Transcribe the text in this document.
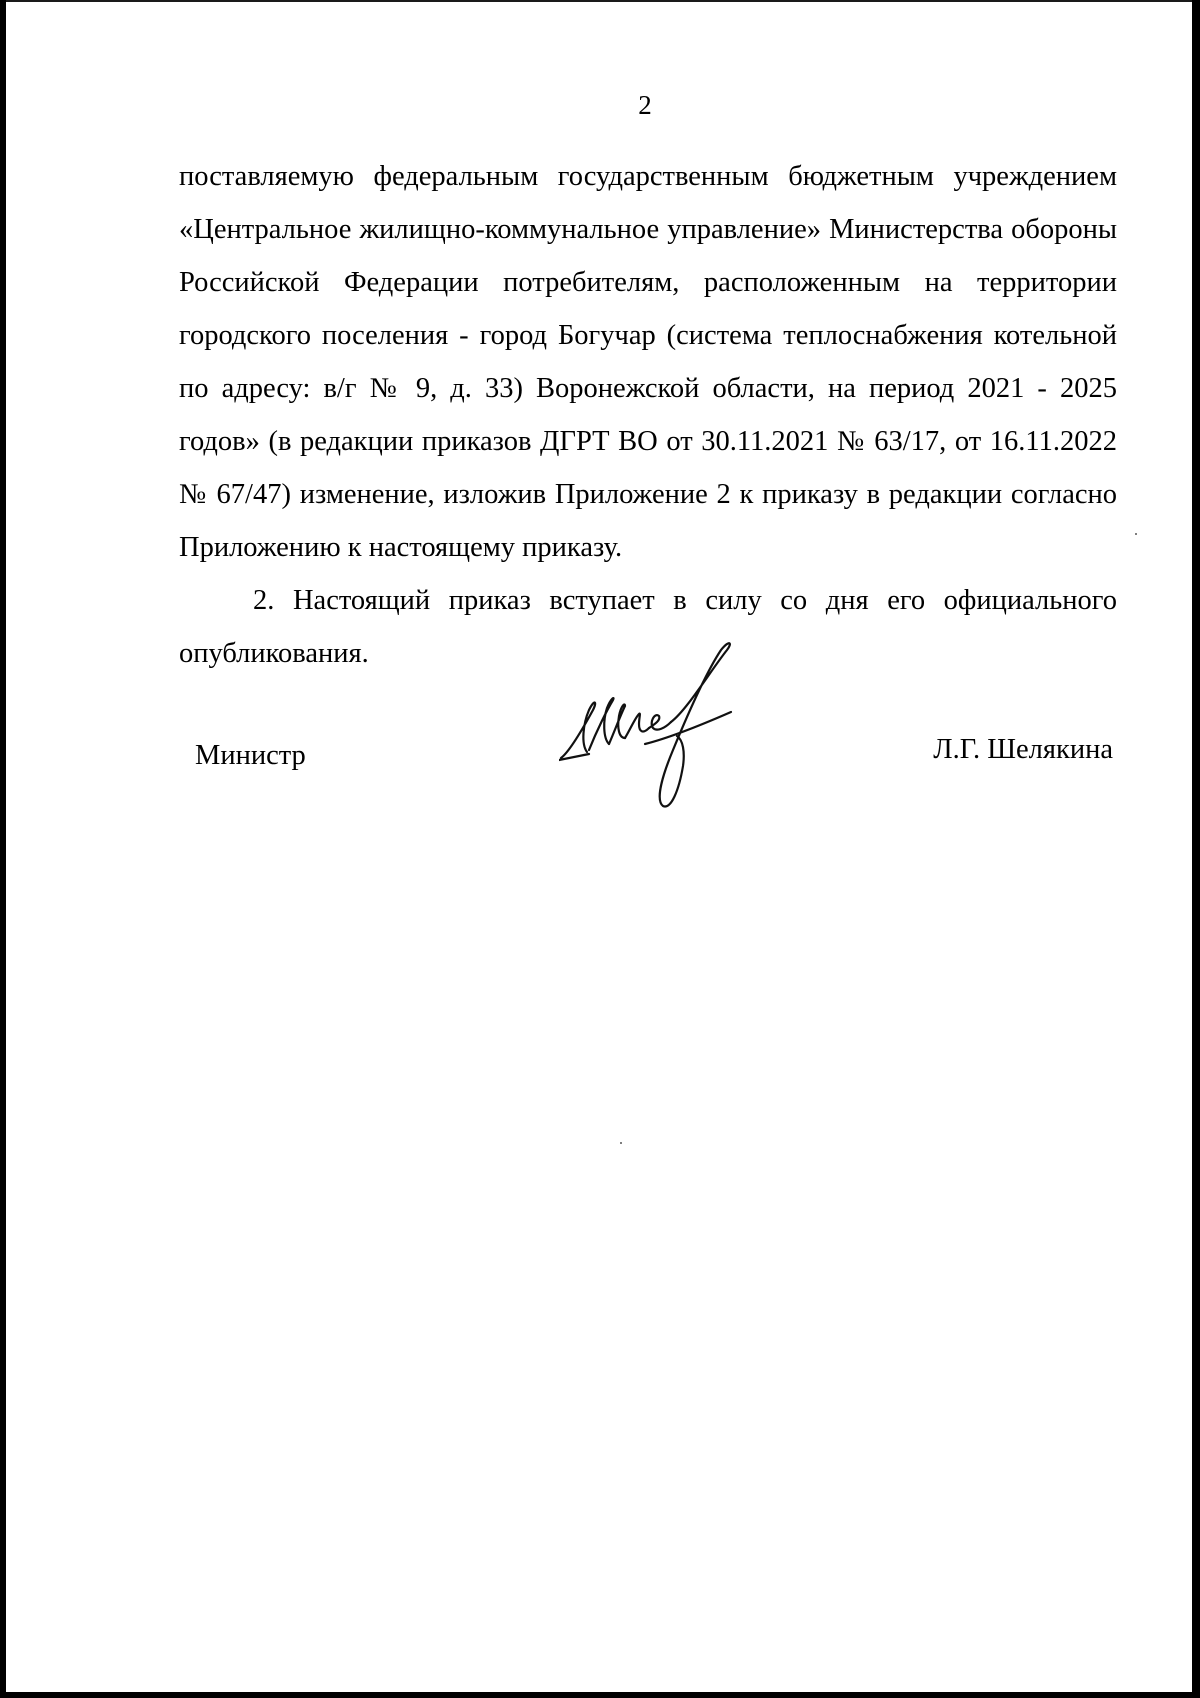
2

поставляемую федеральным государственным бюджетным учреждением «Центральное жилищно-коммунальное управление» Министерства обороны Российской Федерации потребителям, расположенным на территории городского поселения - город Богучар (система теплоснабжения котельной по адресу: в/г № 9, д. 33) Воронежской области, на период 2021 - 2025 годов» (в редакции приказов ДГРТ ВО от 30.11.2021 № 63/17, от 16.11.2022 № 67/47) изменение, изложив Приложение 2 к приказу в редакции согласно Приложению к настоящему приказу.

2. Настоящий приказ вступает в силу со дня его официального опубликования.

Министр	Л.Г. Шелякина
